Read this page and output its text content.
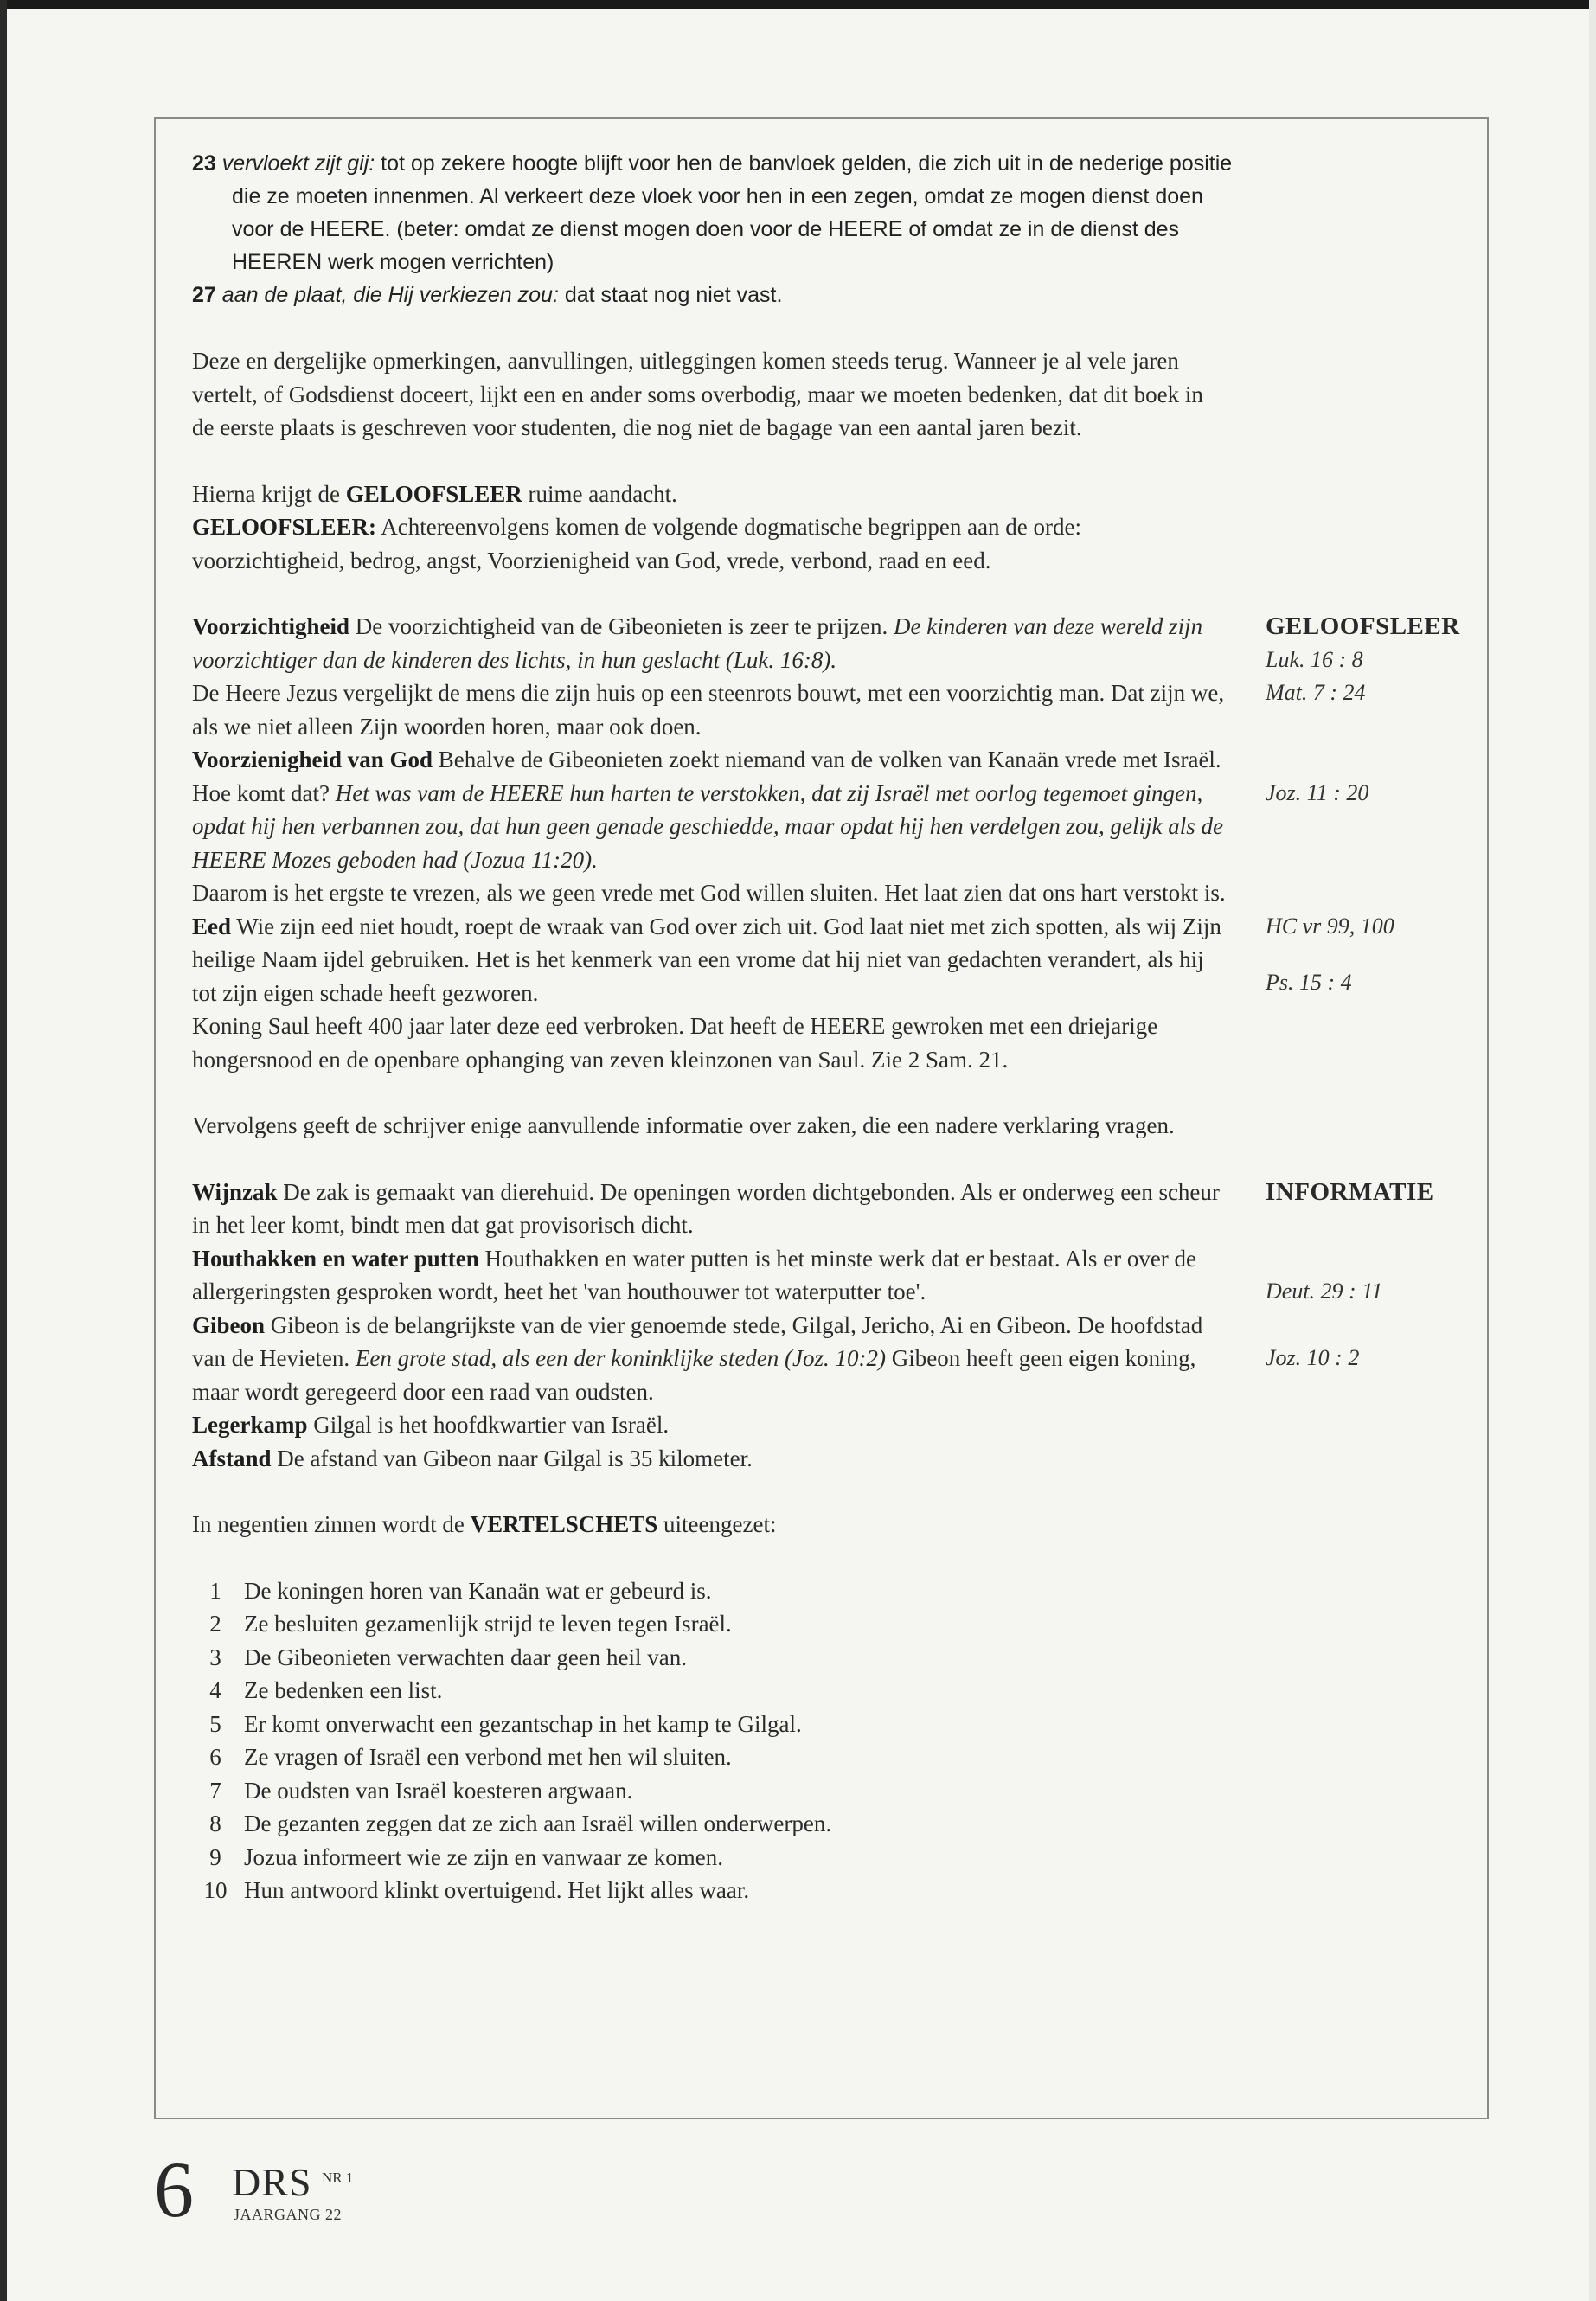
23 vervloekt zijt gij: tot op zekere hoogte blijft voor hen de banvloek gelden, die zich uit in de nederige positie die ze moeten innenmen. Al verkeert deze vloek voor hen in een zegen, omdat ze mogen dienst doen voor de HEERE. (beter: omdat ze dienst mogen doen voor de HEERE of omdat ze in de dienst des HEEREN werk mogen verrichten)

27 aan de plaat, die Hij verkiezen zou: dat staat nog niet vast.

Deze en dergelijke opmerkingen, aanvullingen, uitleggingen komen steeds terug. Wanneer je al vele jaren vertelt, of Godsdienst doceert, lijkt een en ander soms overbodig, maar we moeten bedenken, dat dit boek in de eerste plaats is geschreven voor studenten, die nog niet de bagage van een aantal jaren bezit.

Hierna krijgt de GELOOFSLEER ruime aandacht.

GELOOFSLEER: Achtereenvolgens komen de volgende dogmatische begrippen aan de orde: voorzichtigheid, bedrog, angst, Voorzienigheid van God, vrede, verbond, raad en eed.

Voorzichtigheid De voorzichtigheid van de Gibeonieten is zeer te prijzen. De kinderen van deze wereld zijn voorzichtiger dan de kinderen des lichts, in hun geslacht (Luk. 16:8).

De Heere Jezus vergelijkt de mens die zijn huis op een steenrots bouwt, met een voorzichtig man. Dat zijn we, als we niet alleen Zijn woorden horen, maar ook doen.

GELOOFSLEER
Luk. 16 : 8
Mat. 7 : 24

Voorzienigheid van God Behalve de Gibeonieten zoekt niemand van de volken van Kanaän vrede met Israël. Hoe komt dat? Het was vam de HEERE hun harten te verstokken, dat zij Israël met oorlog tegemoet gingen, opdat hij hen verbannen zou, dat hun geen genade geschiedde, maar opdat hij hen verdelgen zou, gelijk als de HEERE Mozes geboden had (Jozua 11:20).

Daarom is het ergste te vrezen, als we geen vrede met God willen sluiten. Het laat zien dat ons hart verstokt is.

Joz. 11 : 20

Eed Wie zijn eed niet houdt, roept de wraak van God over zich uit. God laat niet met zich spotten, als wij Zijn heilige Naam ijdel gebruiken. Het is het kenmerk van een vrome dat hij niet van gedachten verandert, als hij tot zijn eigen schade heeft gezworen.

Koning Saul heeft 400 jaar later deze eed verbroken. Dat heeft de HEERE gewroken met een driejarige hongersnood en de openbare ophanging van zeven kleinzonen van Saul. Zie 2 Sam. 21.

HC vr 99, 100
Ps. 15 : 4

Vervolgens geeft de schrijver enige aanvullende informatie over zaken, die een nadere verklaring vragen.

Wijnzak De zak is gemaakt van dierehuid. De openingen worden dichtgebonden. Als er onderweg een scheur in het leer komt, bindt men dat gat provisorisch dicht.

Houthakken en water putten Houthakken en water putten is het minste werk dat er bestaat. Als er over de allergeringsten gesproken wordt, heet het 'van houthouwer tot waterputter toe'.

INFORMATIE
Deut. 29 : 11

Gibeon Gibeon is de belangrijkste van de vier genoemde stede, Gilgal, Jericho, Ai en Gibeon. De hoofdstad van de Hevieten. Een grote stad, als een der koninklijke steden (Joz. 10:2) Gibeon heeft geen eigen koning, maar wordt geregeerd door een raad van oudsten.

Legerkamp Gilgal is het hoofdkwartier van Israël.

Afstand De afstand van Gibeon naar Gilgal is 35 kilometer.

Joz. 10 : 2

In negentien zinnen wordt de VERTELSCHETS uiteengezet:

1 De koningen horen van Kanaän wat er gebeurd is.
2 Ze besluiten gezamenlijk strijd te leven tegen Israël.
3 De Gibeonieten verwachten daar geen heil van.
4 Ze bedenken een list.
5 Er komt onverwacht een gezantschap in het kamp te Gilgal.
6 Ze vragen of Israël een verbond met hen wil sluiten.
7 De oudsten van Israël koesteren argwaan.
8 De gezanten zeggen dat ze zich aan Israël willen onderwerpen.
9 Jozua informeert wie ze zijn en vanwaar ze komen.
10 Hun antwoord klinkt overtuigend. Het lijkt alles waar.
6 DRS NR 1
JAARGANG 22
